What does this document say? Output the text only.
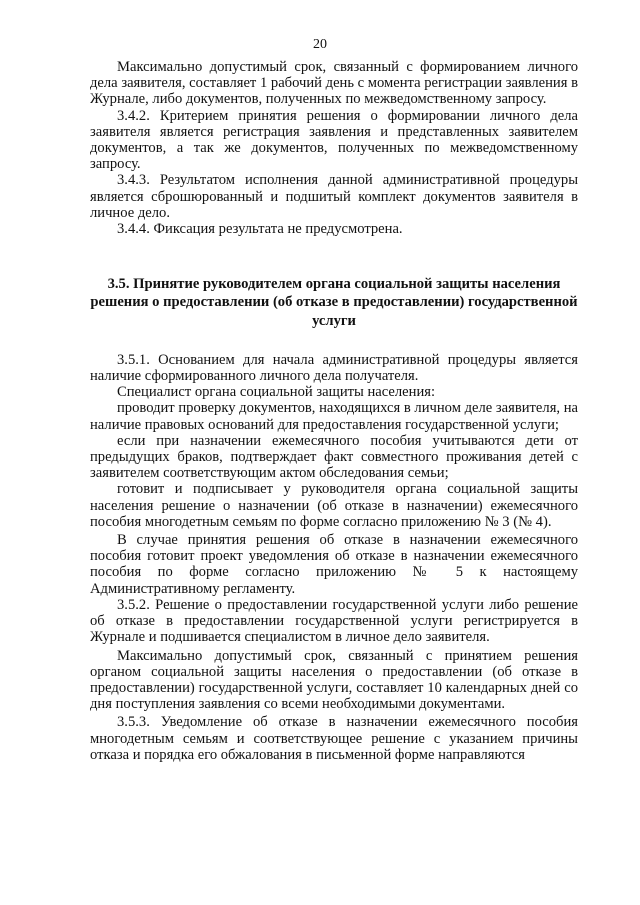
20

Максимально допустимый срок, связанный с формированием личного дела заявителя, составляет 1 рабочий день с момента регистрации заявления в Журнале, либо документов, полученных по межведомственному запросу.

3.4.2. Критерием принятия решения о формировании личного дела заявителя является регистрация заявления и представленных заявителем документов, а так же документов, полученных по межведомственному запросу.

3.4.3. Результатом исполнения данной административной процедуры является сброшюрованный и подшитый комплект документов заявителя в личное дело.

3.4.4. Фиксация результата не предусмотрена.

3.5. Принятие руководителем органа социальной защиты населения решения о предоставлении (об отказе в предоставлении) государственной услуги

3.5.1. Основанием для начала административной процедуры является наличие сформированного личного дела получателя.

Специалист органа социальной защиты населения:

проводит проверку документов, находящихся в личном деле заявителя, на наличие правовых оснований для предоставления государственной услуги;

если при назначении ежемесячного пособия учитываются дети от предыдущих браков, подтверждает факт совместного проживания детей с заявителем соответствующим актом обследования семьи;

готовит и подписывает у руководителя органа социальной защиты населения решение о назначении (об отказе в назначении) ежемесячного пособия многодетным семьям по форме согласно приложению № 3 (№ 4).

В случае принятия решения об отказе в назначении ежемесячного пособия готовит проект уведомления об отказе в назначении ежемесячного пособия по форме согласно приложению № 5 к настоящему Административному регламенту.

3.5.2. Решение о предоставлении государственной услуги либо решение об отказе в предоставлении государственной услуги регистрируется в Журнале и подшивается специалистом в личное дело заявителя.

Максимально допустимый срок, связанный с принятием решения органом социальной защиты населения о предоставлении (об отказе в предоставлении) государственной услуги, составляет 10 календарных дней со дня поступления заявления со всеми необходимыми документами.

3.5.3. Уведомление об отказе в назначении ежемесячного пособия многодетным семьям и соответствующее решение с указанием причины отказа и порядка его обжалования в письменной форме направляются
